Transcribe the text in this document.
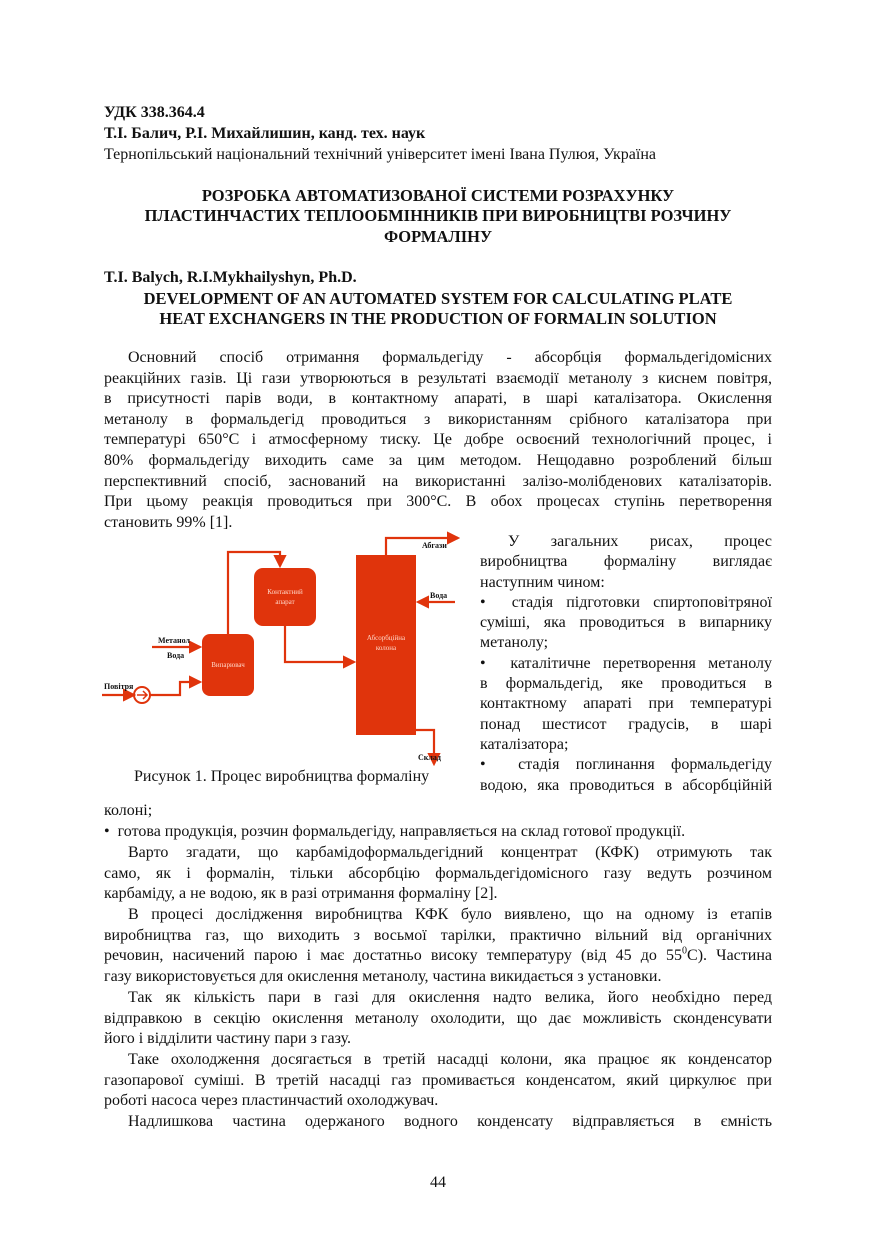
УДК 338.364.4
Т.І. Балич, Р.І. Михайлишин, канд. тех. наук
Тернопільський національний технічний університет імені Івана Пулюя, Україна
РОЗРОБКА АВТОМАТИЗОВАНОЇ СИСТЕМИ РОЗРАХУНКУ
ПЛАСТИНЧАСТИХ ТЕПЛООБМІННИКІВ ПРИ ВИРОБНИЦТВІ РОЗЧИНУ
ФОРМАЛІНУ
T.I. Balych, R.I.Mykhailyshyn, Ph.D.
DEVELOPMENT OF AN AUTOMATED SYSTEM FOR CALCULATING PLATE
HEAT EXCHANGERS IN THE PRODUCTION OF FORMALIN SOLUTION
Основний спосіб отримання формальдегіду - абсорбція формальдегідомісних
реакційних газів. Ці гази утворюються в результаті взаємодії метанолу з киснем повітря,
в присутності парів води, в контактному апараті, в шарі каталізатора. Окислення
метанолу в формальдегід проводиться з використанням срібного каталізатора при
температурі 650°С і атмосферному тиску. Це добре освоєний технологічний процес, і
80% формальдегіду виходить саме за цим методом. Нещодавно розроблений більш
перспективний спосіб, заснований на використанні залізо-молібденових каталізаторів.
При цьому реакція проводиться при 300°С. В обох процесах ступінь перетворення
становить 99% [1].
Абгази
Вода
Метанол
Вода
Повітря
Склад
Контактний
апарат
Випарювач
Абсорбційна
колона
Рисунок 1. Процес виробництва формаліну
У загальних рисах, процес
виробництва формаліну виглядає
наступним чином:
• стадія підготовки спиртоповітряної
суміші, яка проводиться в випарнику
метанолу;
• каталітичне перетворення метанолу
в формальдегід, яке проводиться в
контактному апараті при температурі
понад шестисот градусів, в шарі
каталізатора;
• стадія поглинання формальдегіду
водою, яка проводиться в абсорбційній
колоні;
• готова продукція, розчин формальдегіду, направляється на склад готової продукції.
Варто згадати, що карбамідоформальдегідний концентрат (КФК) отримують так
само, як і формалін, тільки абсорбцію формальдегідомісного газу ведуть розчином
карбаміду, а не водою, як в разі отримання формаліну [2].
В процесі дослідження виробництва КФК було виявлено, що на одному із етапів
виробництва газ, що виходить з восьмої тарілки, практично вільний від органічних
речовин, насичений парою і має достатньо високу температуру (від 45 до $55^0С$). Частина
газу використовується для окислення метанолу, частина викидається з установки.
Так як кількість пари в газі для окислення надто велика, його необхідно перед
відправкою в секцію окислення метанолу охолодити, що дає можливість сконденсувати
його і відділити частину пари з газу.
Таке охолодження досягається в третій насадці колони, яка працює як конденсатор
газопарової суміші. В третій насадці газ промивається конденсатом, який циркулює при
роботі насоса через пластинчастий охолоджувач.
Надлишкова частина одержаного водного конденсату відправляється в ємність
44
